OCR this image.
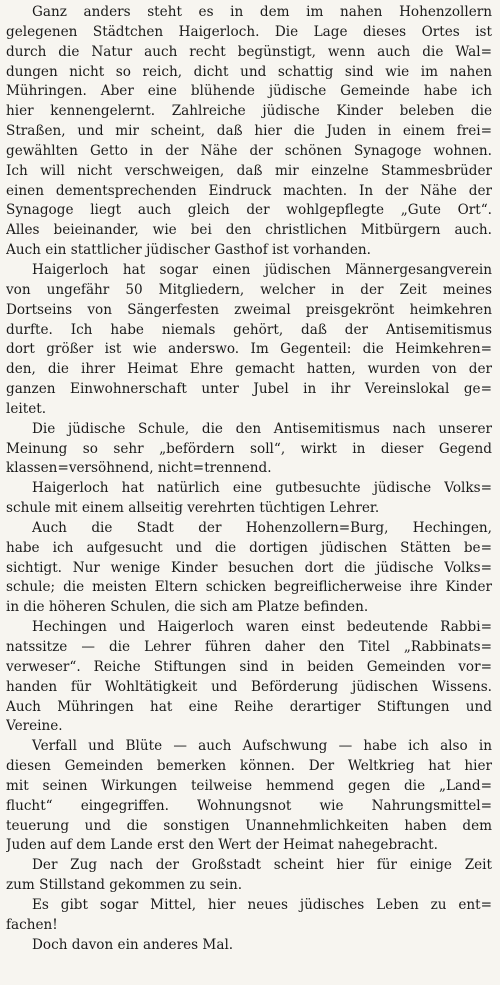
Ganz anders steht es in dem im nahen Hohenzollern
gelegenen Städtchen Haigerloch. Die Lage dieses Ortes ist
durch die Natur auch recht begünstigt, wenn auch die Wal=
dungen nicht so reich, dicht und schattig sind wie im nahen
Mühringen. Aber eine blühende jüdische Gemeinde habe ich
hier kennengelernt. Zahlreiche jüdische Kinder beleben die
Straßen, und mir scheint, daß hier die Juden in einem frei=
gewählten Getto in der Nähe der schönen Synagoge wohnen.
Ich will nicht verschweigen, daß mir einzelne Stammesbrüder
einen dementsprechenden Eindruck machten. In der Nähe der
Synagoge liegt auch gleich der wohlgepflegte „Gute Ort“.
Alles beieinander, wie bei den christlichen Mitbürgern auch.
Auch ein stattlicher jüdischer Gasthof ist vorhanden.
Haigerloch hat sogar einen jüdischen Männergesangverein
von ungefähr 50 Mitgliedern, welcher in der Zeit meines
Dortseins von Sängerfesten zweimal preisgekrönt heimkehren
durfte. Ich habe niemals gehört, daß der Antisemitismus
dort größer ist wie anderswo. Im Gegenteil: die Heimkehren=
den, die ihrer Heimat Ehre gemacht hatten, wurden von der
ganzen Einwohnerschaft unter Jubel in ihr Vereinslokal ge=
leitet.
Die jüdische Schule, die den Antisemitismus nach unserer
Meinung so sehr „befördern soll“, wirkt in dieser Gegend
klassen=versöhnend, nicht=trennend.
Haigerloch hat natürlich eine gutbesuchte jüdische Volks=
schule mit einem allseitig verehrten tüchtigen Lehrer.
Auch die Stadt der Hohenzollern=Burg, Hechingen,
habe ich aufgesucht und die dortigen jüdischen Stätten be=
sichtigt. Nur wenige Kinder besuchen dort die jüdische Volks=
schule; die meisten Eltern schicken begreiflicherweise ihre Kinder
in die höheren Schulen, die sich am Platze befinden.
Hechingen und Haigerloch waren einst bedeutende Rabbi=
natssitze — die Lehrer führen daher den Titel „Rabbinats=
verweser“. Reiche Stiftungen sind in beiden Gemeinden vor=
handen für Wohltätigkeit und Beförderung jüdischen Wissens.
Auch Mühringen hat eine Reihe derartiger Stiftungen und
Vereine.
Verfall und Blüte — auch Aufschwung — habe ich also in
diesen Gemeinden bemerken können. Der Weltkrieg hat hier
mit seinen Wirkungen teilweise hemmend gegen die „Land=
flucht“ eingegriffen. Wohnungsnot wie Nahrungsmittel=
teuerung und die sonstigen Unannehmlichkeiten haben dem
Juden auf dem Lande erst den Wert der Heimat nahegebracht.
Der Zug nach der Großstadt scheint hier für einige Zeit
zum Stillstand gekommen zu sein.
Es gibt sogar Mittel, hier neues jüdisches Leben zu ent=
fachen!
Doch davon ein anderes Mal.
